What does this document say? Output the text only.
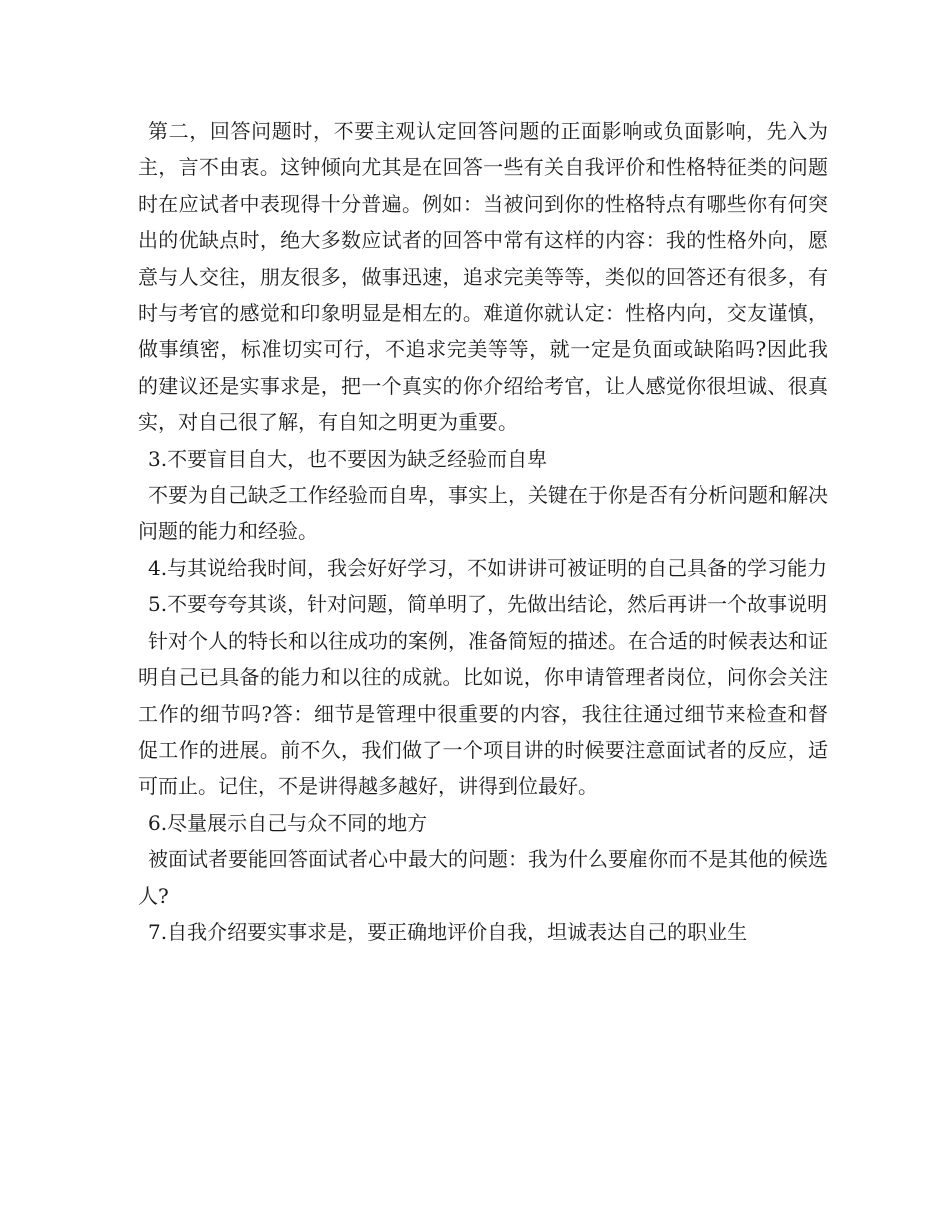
第二，回答问题时，不要主观认定回答问题的正面影响或负面影响，先入为主，言不由衷。这钟倾向尤其是在回答一些有关自我评价和性格特征类的问题时在应试者中表现得十分普遍。例如：当被问到你的性格特点有哪些你有何突出的优缺点时，绝大多数应试者的回答中常有这样的内容：我的性格外向，愿意与人交往，朋友很多，做事迅速，追求完美等等，类似的回答还有很多，有时与考官的感觉和印象明显是相左的。难道你就认定：性格内向，交友谨慎，做事缜密，标准切实可行，不追求完美等等，就一定是负面或缺陷吗?因此我的建议还是实事求是，把一个真实的你介绍给考官，让人感觉你很坦诚、很真实，对自己很了解，有自知之明更为重要。

3.不要盲目自大，也不要因为缺乏经验而自卑

不要为自己缺乏工作经验而自卑，事实上，关键在于你是否有分析问题和解决问题的能力和经验。

4.与其说给我时间，我会好好学习，不如讲讲可被证明的自己具备的学习能力

5.不要夸夸其谈，针对问题，简单明了，先做出结论，然后再讲一个故事说明

针对个人的特长和以往成功的案例，准备简短的描述。在合适的时候表达和证明自己已具备的能力和以往的成就。比如说，你申请管理者岗位，问你会关注工作的细节吗?答：细节是管理中很重要的内容，我往往通过细节来检查和督促工作的进展。前不久，我们做了一个项目讲的时候要注意面试者的反应，适可而止。记住，不是讲得越多越好，讲得到位最好。

6.尽量展示自己与众不同的地方

被面试者要能回答面试者心中最大的问题：我为什么要雇你而不是其他的候选人?

7.自我介绍要实事求是，要正确地评价自我，坦诚表达自己的职业生
